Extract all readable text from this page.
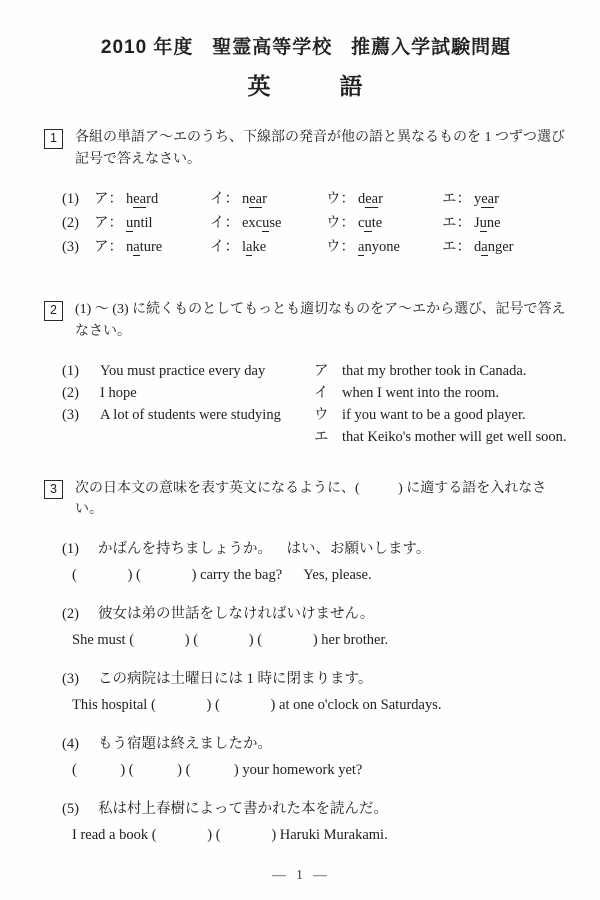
2010 年度   聖霊高等学校   推薦入学試験問題
英        語
1	各組の単語ア～エのうち、下線部の発音が他の語と異なるものを 1 つずつ選び記号で答えなさい。

(1)	ア： heard	イ： near	ウ： dear	エ： year
(2)	ア： until	イ： excuse	ウ： cute	エ： June
(3)	ア： nature	イ： lake	ウ： anyone	エ： danger
2	(1) ～ (3) に続くものとしてもっとも適切なものをア～エから選び、記号で答えなさい。

(1)	You must practice every day
(2)	I hope
(3)	A lot of students were studying
ア that my brother took in Canada.
イ when I went into the room.
ウ if you want to be a good player.
エ that Keiko's mother will get well soon.
3	次の日本文の意味を表す英文になるように、(           ) に適する語を入れなさい。

(1)	かばんを持ちましょうか。    はい、お願いします。
(              ) (              ) carry the bag?      Yes, please.
(2)	彼女は弟の世話をしなければいけません。
She must (              ) (              ) (              ) her brother.
(3)	この病院は土曜日には 1 時に閉まります。
This hospital (              ) (              ) at one o'clock on Saturdays.
(4)	もう宿題は終えましたか。
(            ) (            ) (            ) your homework yet?
(5)	私は村上春樹によって書かれた本を読んだ。
I read a book (              ) (              ) Haruki Murakami.
—  1  —
